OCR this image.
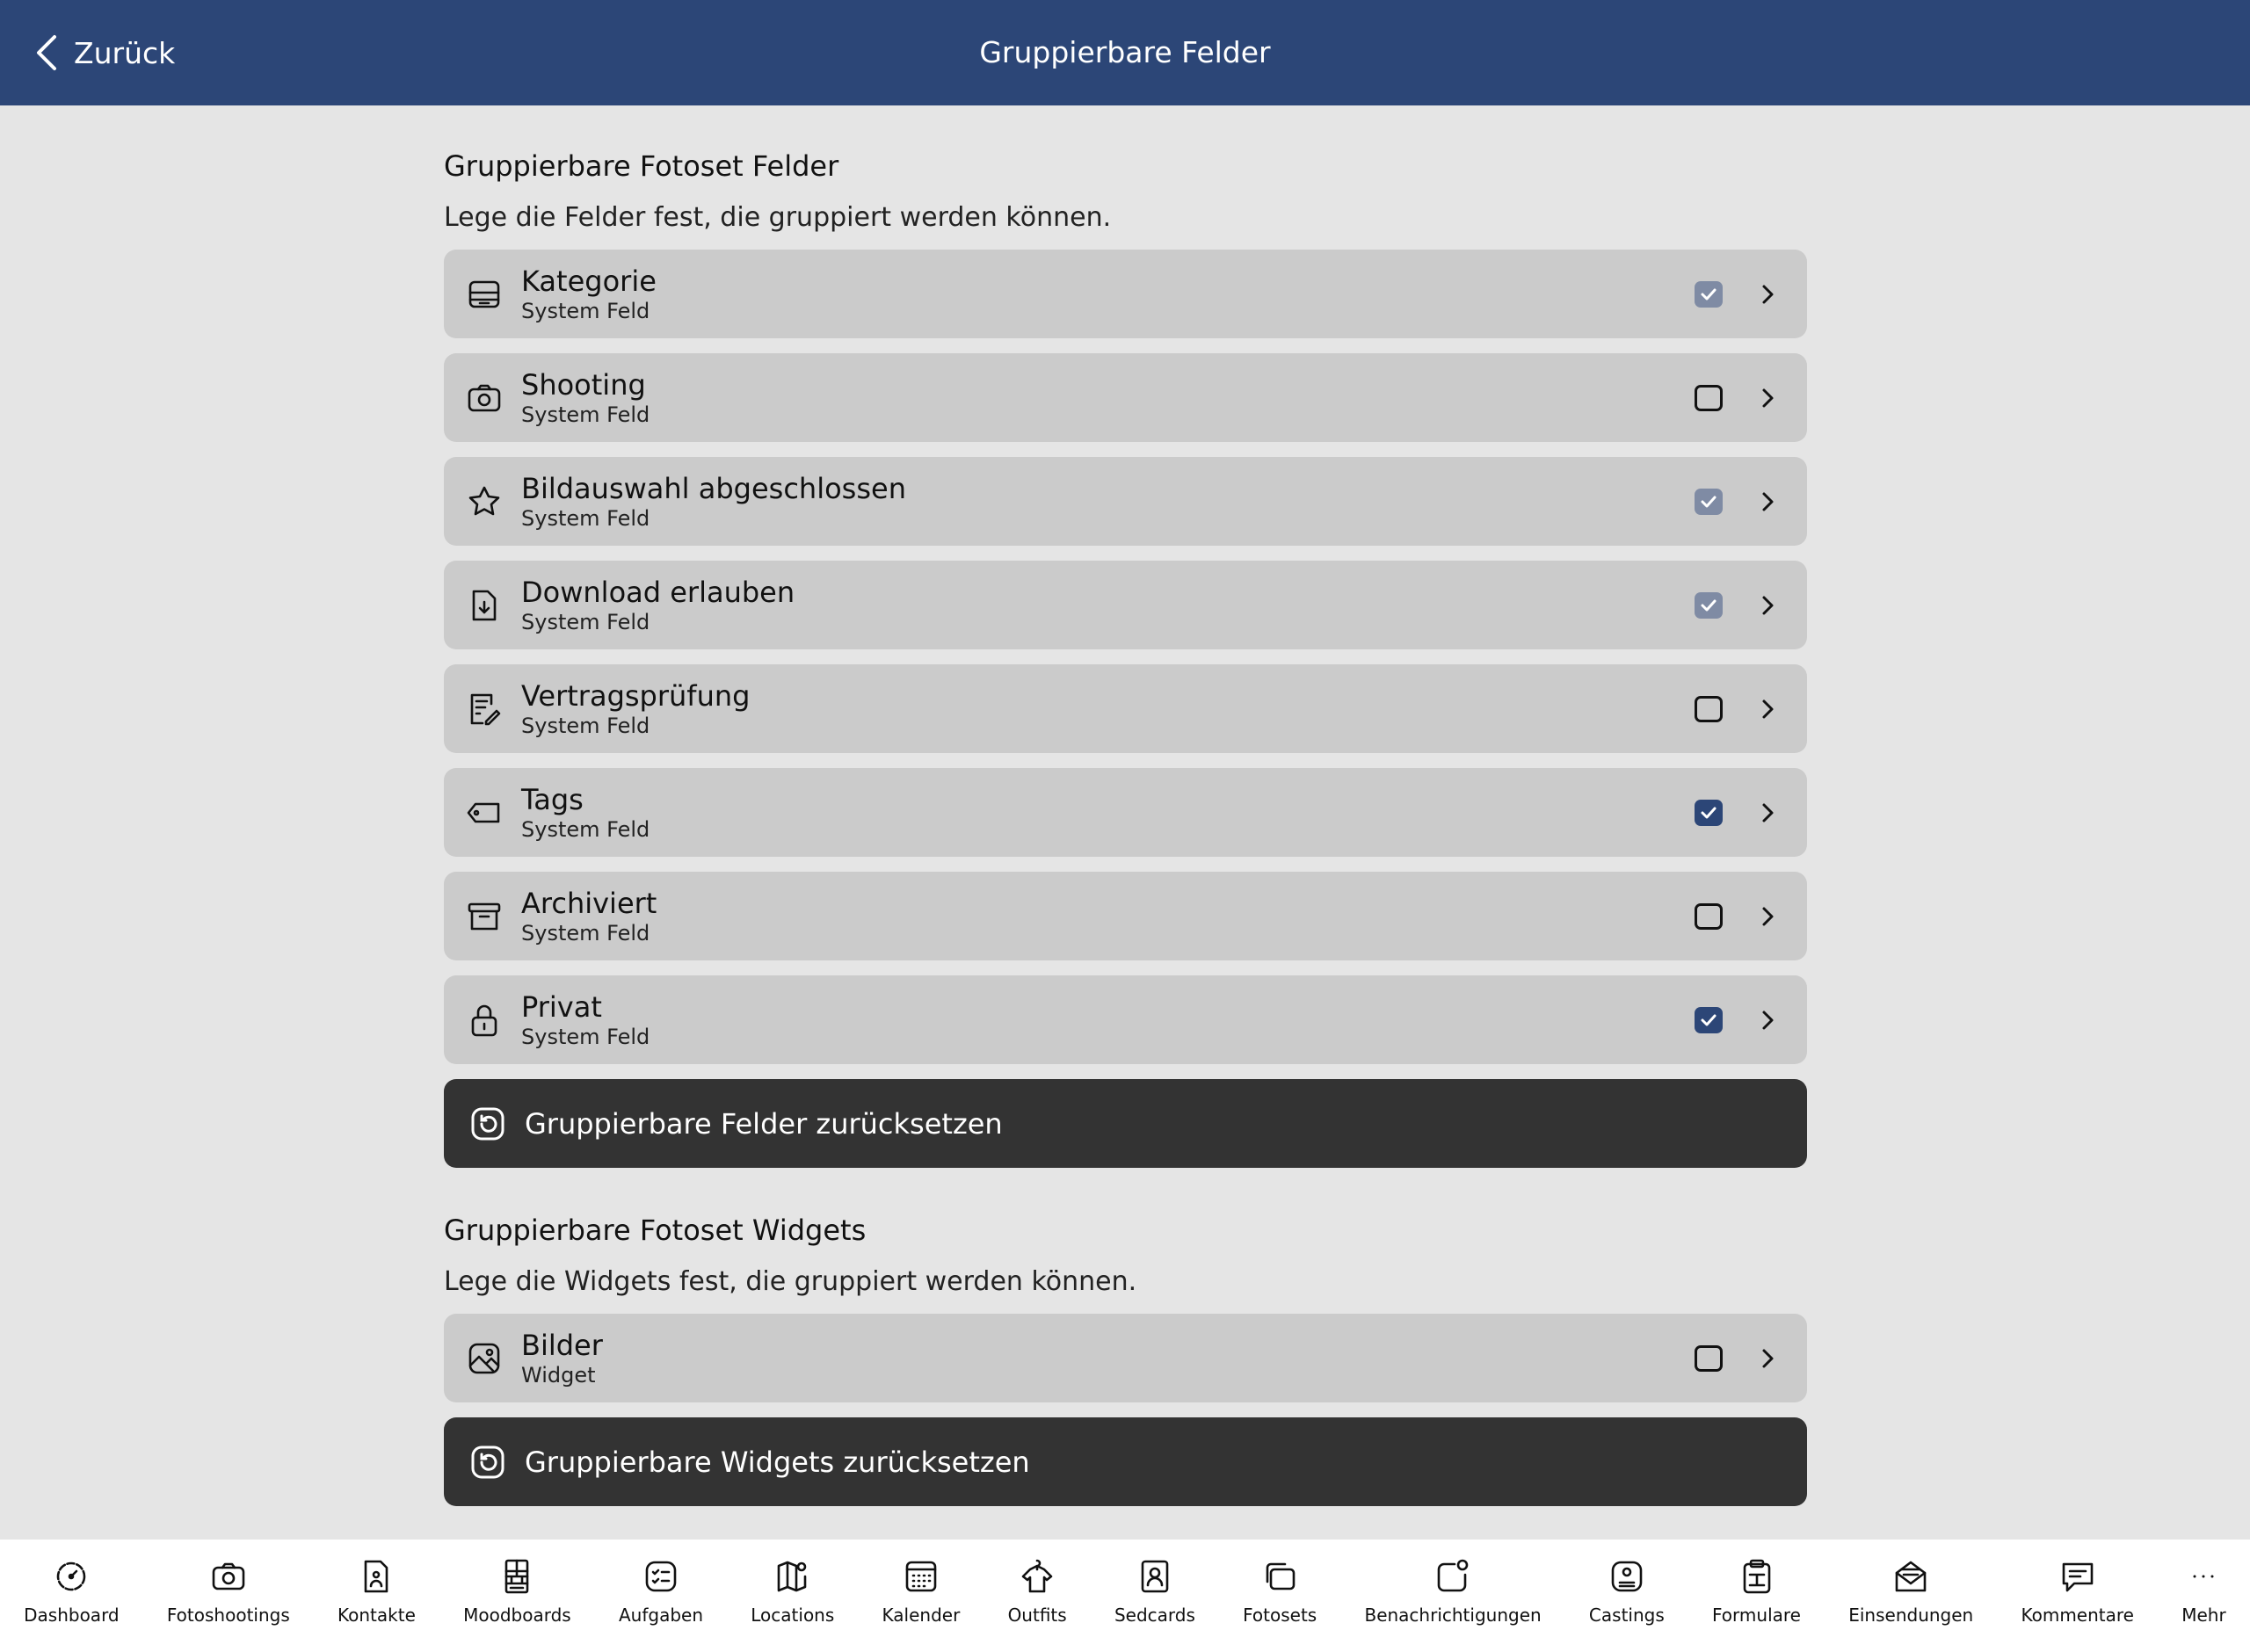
Zurück	Gruppierbare Felder
Gruppierbare Fotoset Felder
Lege die Felder fest, die gruppiert werden können.
Kategorie
System Feld
Shooting
System Feld
Bildauswahl abgeschlossen
System Feld
Download erlauben
System Feld
Vertragsprüfung
System Feld
Tags
System Feld
Archiviert
System Feld
Privat
System Feld
Gruppierbare Felder zurücksetzen
Gruppierbare Fotoset Widgets
Lege die Widgets fest, die gruppiert werden können.
Bilder
Widget
Gruppierbare Widgets zurücksetzen
Dashboard	Fotoshootings	Kontakte	Moodboards	Aufgaben	Locations	Kalender	Outfits	Sedcards	Fotosets	Benachrichtigungen	Castings	Formulare	Einsendungen	Kommentare	Mehr
